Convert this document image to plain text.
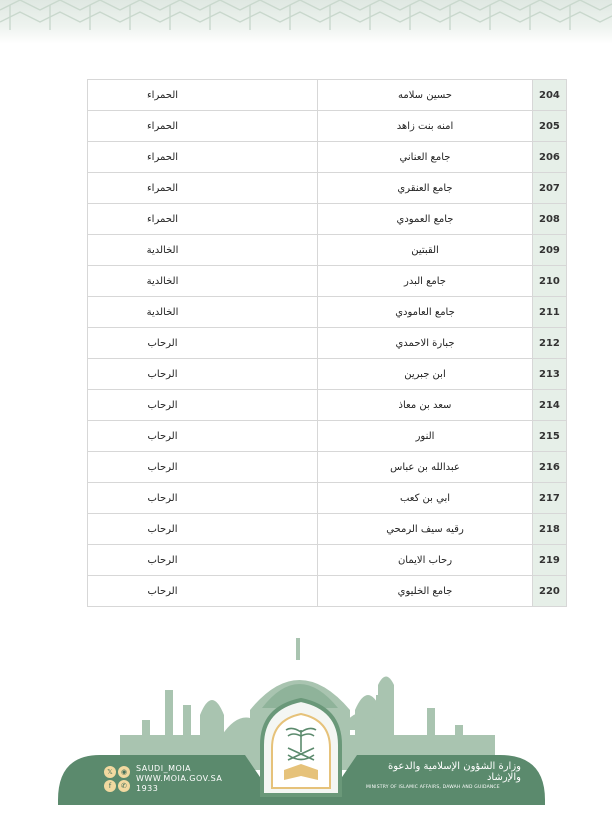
الحمراء	حسين سلامه	204
الحمراء	امنه بنت زاهد	205
الحمراء	جامع العناني	206
الحمراء	جامع العنقري	207
الحمراء	جامع العمودي	208
الخالدية	القبتين	209
الخالدية	جامع البدر	210
الخالدية	جامع العامودي	211
الرحاب	جبارة الاحمدي	212
الرحاب	ابن جبرين	213
الرحاب	سعد بن معاذ	214
الرحاب	النور	215
الرحاب	عبدالله بن عباس	216
الرحاب	ابي بن كعب	217
الرحاب	رقيه سيف الرمحي	218
الرحاب	رحاب الايمان	219
الرحاب	جامع الخليوي	220
𝕏	◉
f	✆
SAUDI_MOIA
WWW.MOIA.GOV.SA
1933
وزارة الشؤون الإسلامية والدعوة والإرشاد
MINISTRY OF ISLAMIC AFFAIRS, DAWAH AND GUIDANCE
